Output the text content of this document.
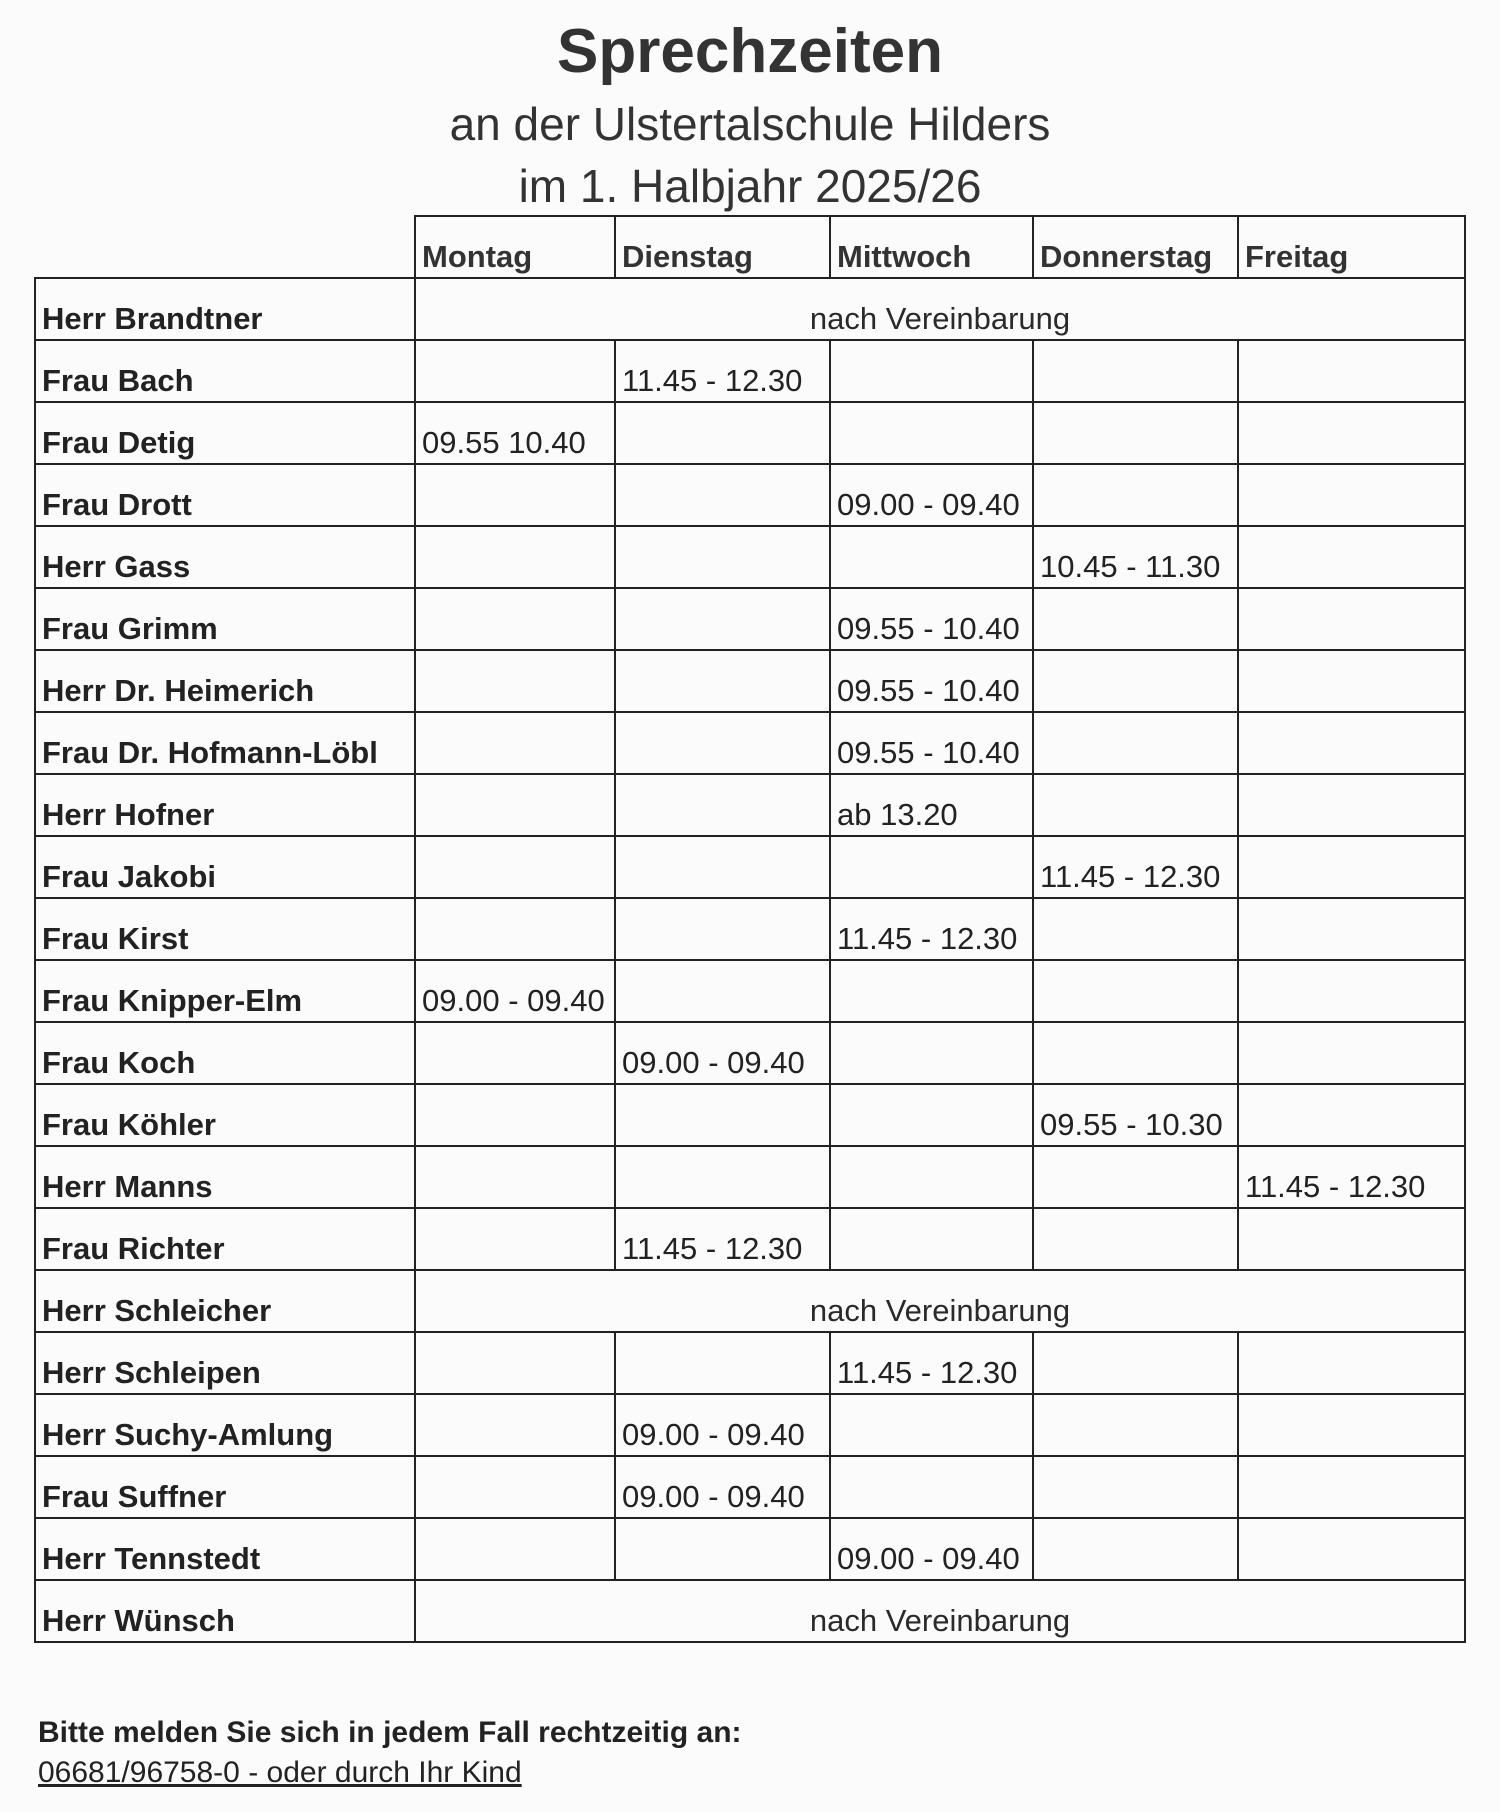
Sprechzeiten
an der Ulstertalschule Hilders
im 1. Halbjahr 2025/26
	Montag	Dienstag	Mittwoch	Donnerstag	Freitag
Herr Brandtner	nach Vereinbarung				
Frau Bach		11.45 - 12.30			
Frau Detig	09.55 10.40				
Frau Drott			09.00 - 09.40		
Herr Gass				10.45 - 11.30	
Frau Grimm			09.55 - 10.40		
Herr Dr. Heimerich			09.55 - 10.40		
Frau Dr. Hofmann-Löbl			09.55 - 10.40		
Herr Hofner			ab 13.20		
Frau Jakobi				11.45 - 12.30	
Frau Kirst			11.45 - 12.30		
Frau Knipper-Elm	09.00 - 09.40				
Frau Koch		09.00 - 09.40			
Frau Köhler				09.55 - 10.30	
Herr Manns					11.45 - 12.30
Frau Richter		11.45 - 12.30			
Herr Schleicher	nach Vereinbarung				
Herr Schleipen			11.45 - 12.30		
Herr Suchy-Amlung		09.00 - 09.40			
Frau Suffner		09.00 - 09.40			
Herr Tennstedt			09.00 - 09.40		
Herr Wünsch	nach Vereinbarung				
Bitte melden Sie sich in jedem Fall rechtzeitig an:
06681/96758-0 - oder durch Ihr Kind
